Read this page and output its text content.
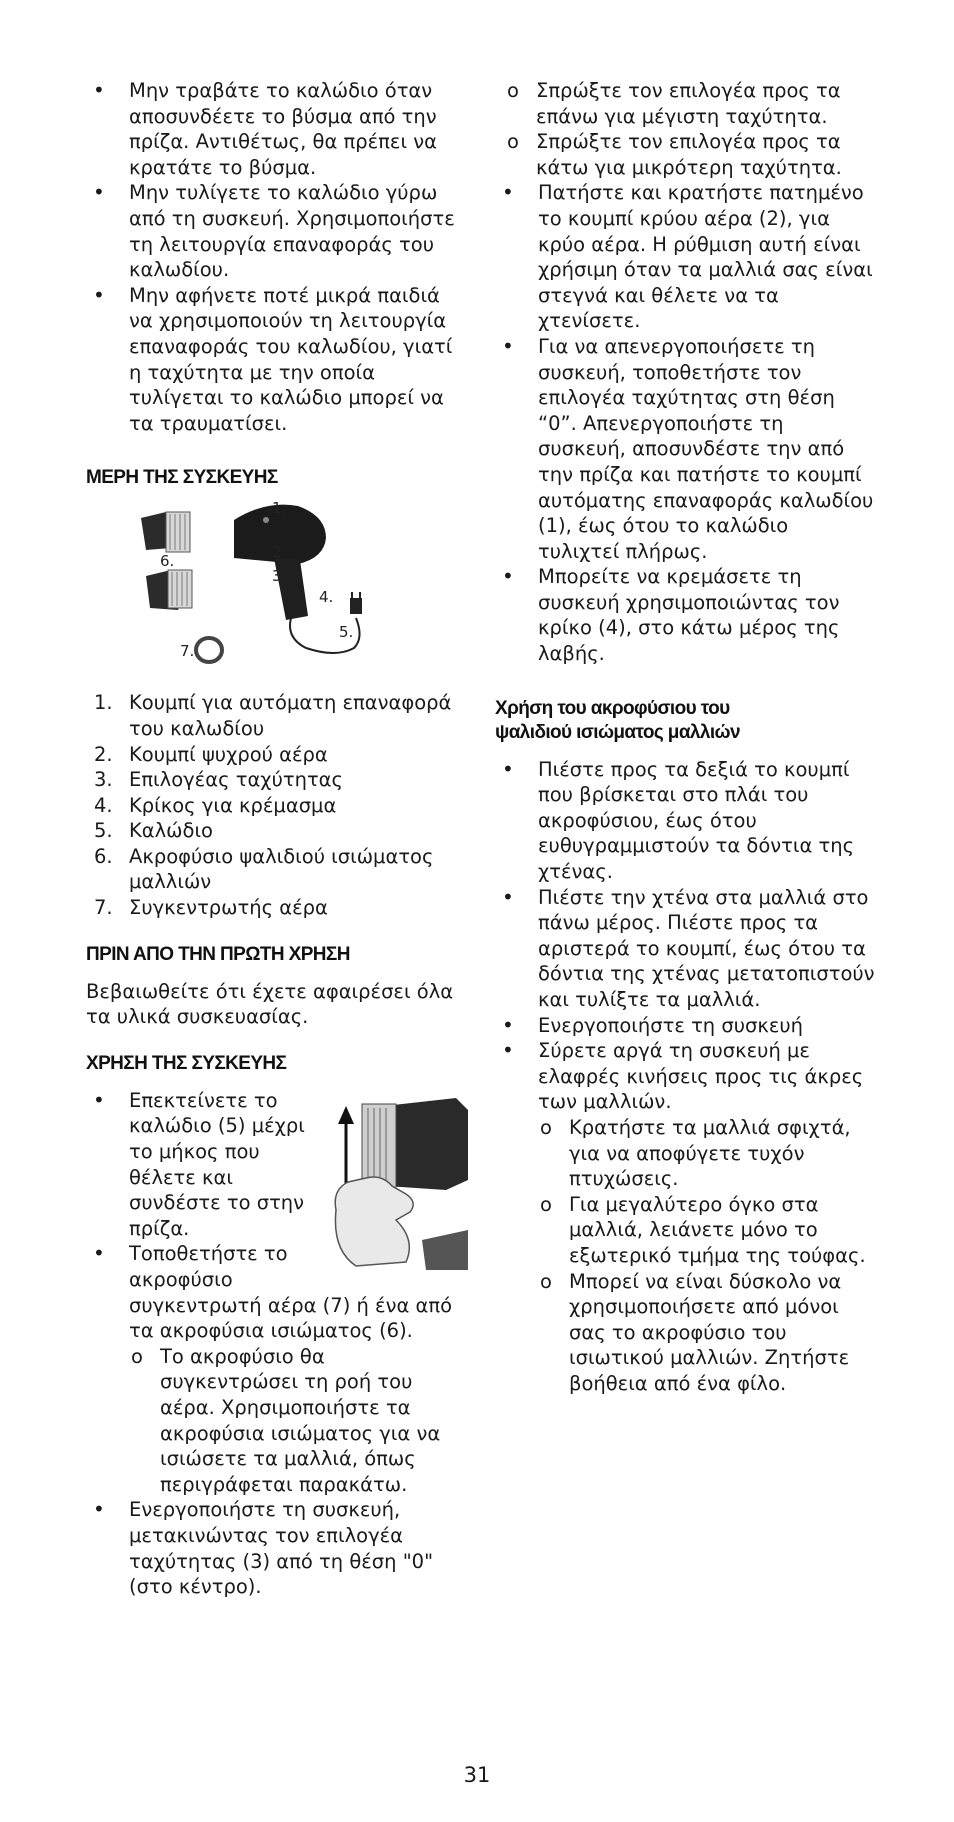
• Μην τραβάτε το καλώδιο όταν αποσυνδέετε το βύσμα από την πρίζα. Αντιθέτως, θα πρέπει να κρατάτε το βύσμα.
• Μην τυλίγετε το καλώδιο γύρω από τη συσκευή. Χρησιμοποιήστε τη λειτουργία επαναφοράς του καλωδίου.
• Μην αφήνετε ποτέ μικρά παιδιά να χρησιμοποιούν τη λειτουργία επαναφοράς του καλωδίου, γιατί η ταχύτητα με την οποία τυλίγεται το καλώδιο μπορεί να τα τραυματίσει.
ΜΕΡΗ ΤΗΣ ΣΥΣΚΕΥΗΣ
1.
2.
3.
4.
5.
6.
7.
1. Κουμπί για αυτόματη επαναφορά του καλωδίου
2. Κουμπί ψυχρού αέρα
3. Επιλογέας ταχύτητας
4. Κρίκος για κρέμασμα
5. Καλώδιο
6. Ακροφύσιο ψαλιδιού ισιώματος μαλλιών
7. Συγκεντρωτής αέρα
ΠΡΙΝ ΑΠΟ ΤΗΝ ΠΡΩΤΗ ΧΡΗΣΗ

Βεβαιωθείτε ότι έχετε αφαιρέσει όλα τα υλικά συσκευασίας.

ΧΡΗΣΗ ΤΗΣ ΣΥΣΚΕΥΗΣ
• Επεκτείνετε το καλώδιο (5) μέχρι το μήκος που θέλετε και συνδέστε το στην πρίζα.
• Τοποθετήστε το ακροφύσιο συγκεντρωτή αέρα (7) ή ένα από τα ακροφύσια ισιώματος (6).
o Το ακροφύσιο θα συγκεντρώσει τη ροή του αέρα. Χρησιμοποιήστε τα ακροφύσια ισιώματος για να ισιώσετε τα μαλλιά, όπως περιγράφεται παρακάτω.
• Ενεργοποιήστε τη συσκευή, μετακινώντας τον επιλογέα ταχύτητας (3) από τη θέση "0" (στο κέντρο).
o Σπρώξτε τον επιλογέα προς τα επάνω για μέγιστη ταχύτητα.
o Σπρώξτε τον επιλογέα προς τα κάτω για μικρότερη ταχύτητα.
• Πατήστε και κρατήστε πατημένο το κουμπί κρύου αέρα (2), για κρύο αέρα. Η ρύθμιση αυτή είναι χρήσιμη όταν τα μαλλιά σας είναι στεγνά και θέλετε να τα χτενίσετε.
• Για να απενεργοποιήσετε τη συσκευή, τοποθετήστε τον επιλογέα ταχύτητας στη θέση “0”. Απενεργοποιήστε τη συσκευή, αποσυνδέστε την από την πρίζα και πατήστε το κουμπί αυτόματης επαναφοράς καλωδίου (1), έως ότου το καλώδιο τυλιχτεί πλήρως.
• Μπορείτε να κρεμάσετε τη συσκευή χρησιμοποιώντας τον κρίκο (4), στο κάτω μέρος της λαβής.
Χρήση του ακροφύσιου του ψαλιδιού ισιώματος μαλλιών
• Πιέστε προς τα δεξιά το κουμπί που βρίσκεται στο πλάι του ακροφύσιου, έως ότου ευθυγραμμιστούν τα δόντια της χτένας.
• Πιέστε την χτένα στα μαλλιά στο πάνω μέρος. Πιέστε προς τα αριστερά το κουμπί, έως ότου τα δόντια της χτένας μετατοπιστούν και τυλίξτε τα μαλλιά.
• Ενεργοποιήστε τη συσκευή
• Σύρετε αργά τη συσκευή με ελαφρές κινήσεις προς τις άκρες των μαλλιών.
o Κρατήστε τα μαλλιά σφιχτά, για να αποφύγετε τυχόν πτυχώσεις.
o Για μεγαλύτερο όγκο στα μαλλιά, λειάνετε μόνο το εξωτερικό τμήμα της τούφας.
o Μπορεί να είναι δύσκολο να χρησιμοποιήσετε από μόνοι σας το ακροφύσιο του ισιωτικού μαλλιών. Ζητήστε βοήθεια από ένα φίλο.
31
